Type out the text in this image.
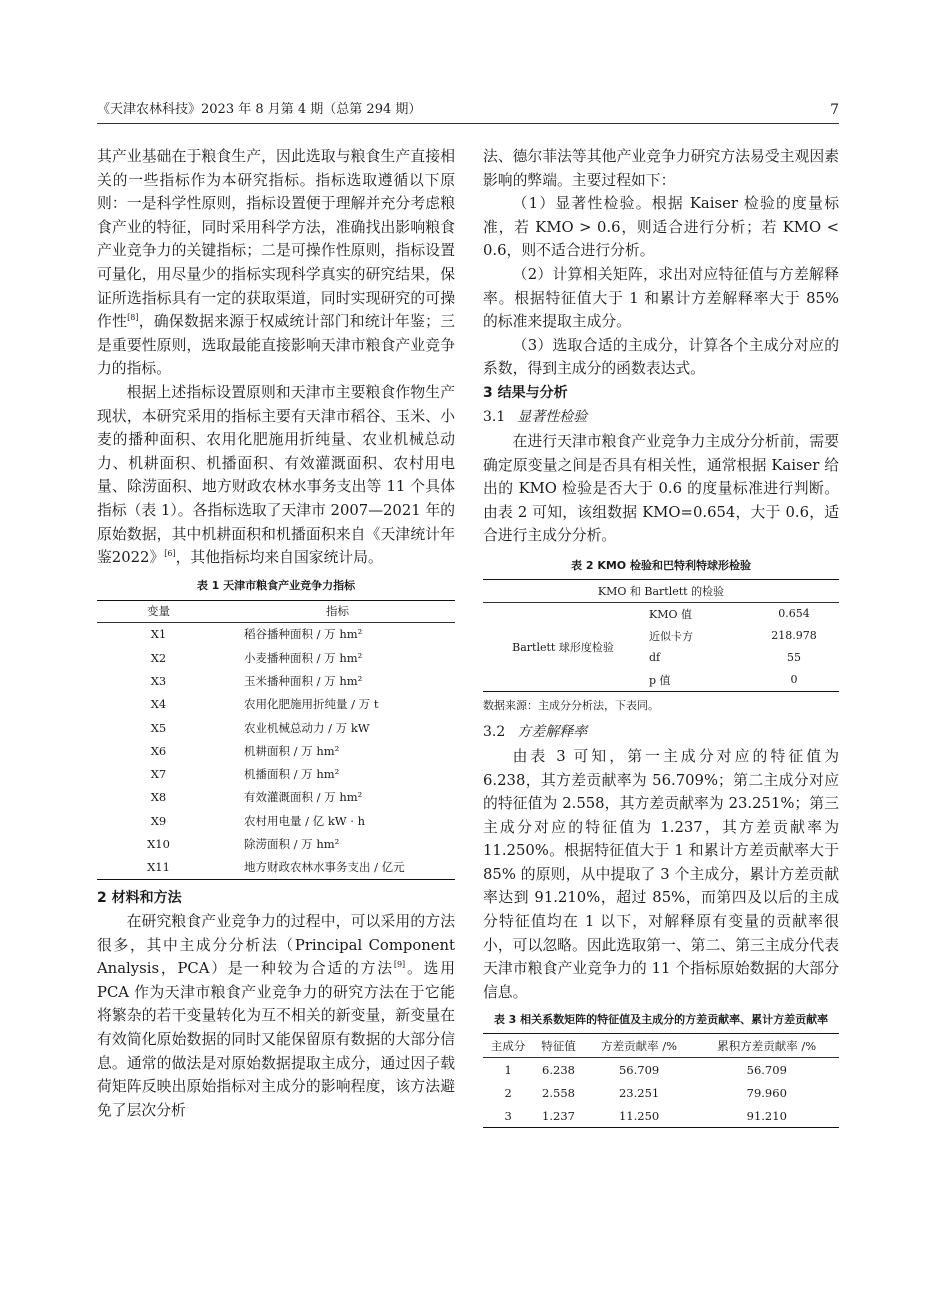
《天津农林科技》2023 年 8 月第 4 期（总第 294 期）	7

其产业基础在于粮食生产，因此选取与粮食生产直接相关的一些指标作为本研究指标。指标选取遵循以下原则：一是科学性原则，指标设置便于理解并充分考虑粮食产业的特征，同时采用科学方法，准确找出影响粮食产业竞争力的关键指标；二是可操作性原则，指标设置可量化，用尽量少的指标实现科学真实的研究结果，保证所选指标具有一定的获取渠道，同时实现研究的可操作性[8]，确保数据来源于权威统计部门和统计年鉴；三是重要性原则，选取最能直接影响天津市粮食产业竞争力的指标。

根据上述指标设置原则和天津市主要粮食作物生产现状，本研究采用的指标主要有天津市稻谷、玉米、小麦的播种面积、农用化肥施用折纯量、农业机械总动力、机耕面积、机播面积、有效灌溉面积、农村用电量、除涝面积、地方财政农林水事务支出等 11 个具体指标（表 1）。各指标选取了天津市 2007—2021 年的原始数据，其中机耕面积和机播面积来自《天津统计年鉴2022》[6]，其他指标均来自国家统计局。

表 1 天津市粮食产业竞争力指标
变量	指标
X1	稻谷播种面积 / 万 hm²
X2	小麦播种面积 / 万 hm²
X3	玉米播种面积 / 万 hm²
X4	农用化肥施用折纯量 / 万 t
X5	农业机械总动力 / 万 kW
X6	机耕面积 / 万 hm²
X7	机播面积 / 万 hm²
X8	有效灌溉面积 / 万 hm²
X9	农村用电量 / 亿 kW · h
X10	除涝面积 / 万 hm²
X11	地方财政农林水事务支出 / 亿元
2 材料和方法

在研究粮食产业竞争力的过程中，可以采用的方法很多，其中主成分分析法（Principal Component Analysis，PCA）是一种较为合适的方法[9]。选用 PCA 作为天津市粮食产业竞争力的研究方法在于它能将繁杂的若干变量转化为互不相关的新变量，新变量在有效简化原始数据的同时又能保留原有数据的大部分信息。通常的做法是对原始数据提取主成分，通过因子载荷矩阵反映出原始指标对主成分的影响程度，该方法避免了层次分析

法、德尔菲法等其他产业竞争力研究方法易受主观因素影响的弊端。主要过程如下：

（1）显著性检验。根据 Kaiser 检验的度量标准，若 KMO > 0.6，则适合进行分析；若 KMO < 0.6，则不适合进行分析。

（2）计算相关矩阵，求出对应特征值与方差解释率。根据特征值大于 1 和累计方差解释率大于 85% 的标准来提取主成分。

（3）选取合适的主成分，计算各个主成分对应的系数，得到主成分的函数表达式。

3 结果与分析
3.1 显著性检验

在进行天津市粮食产业竞争力主成分分析前，需要确定原变量之间是否具有相关性，通常根据 Kaiser 给出的 KMO 检验是否大于 0.6 的度量标准进行判断。由表 2 可知，该组数据 KMO=0.654，大于 0.6，适合进行主成分分析。

表 2 KMO 检验和巴特利特球形检验
KMO 和 Bartlett 的检验		
Bartlett 球形度检验	KMO 值	0.654
	近似卡方	218.978
	df	55
	p 值	0
数据来源：主成分分析法，下表同。
3.2 方差解释率

由表 3 可知，第一主成分对应的特征值为 6.238，其方差贡献率为 56.709%；第二主成分对应的特征值为 2.558，其方差贡献率为 23.251%；第三主成分对应的特征值为 1.237，其方差贡献率为 11.250%。根据特征值大于 1 和累计方差贡献率大于 85% 的原则，从中提取了 3 个主成分，累计方差贡献率达到 91.210%，超过 85%，而第四及以后的主成分特征值均在 1 以下，对解释原有变量的贡献率很小，可以忽略。因此选取第一、第二、第三主成分代表天津市粮食产业竞争力的 11 个指标原始数据的大部分信息。

表 3 相关系数矩阵的特征值及主成分的方差贡献率、累计方差贡献率
主成分	特征值	方差贡献率 /%	累积方差贡献率 /%
1	6.238	56.709	56.709
2	2.558	23.251	79.960
3	1.237	11.250	91.210
